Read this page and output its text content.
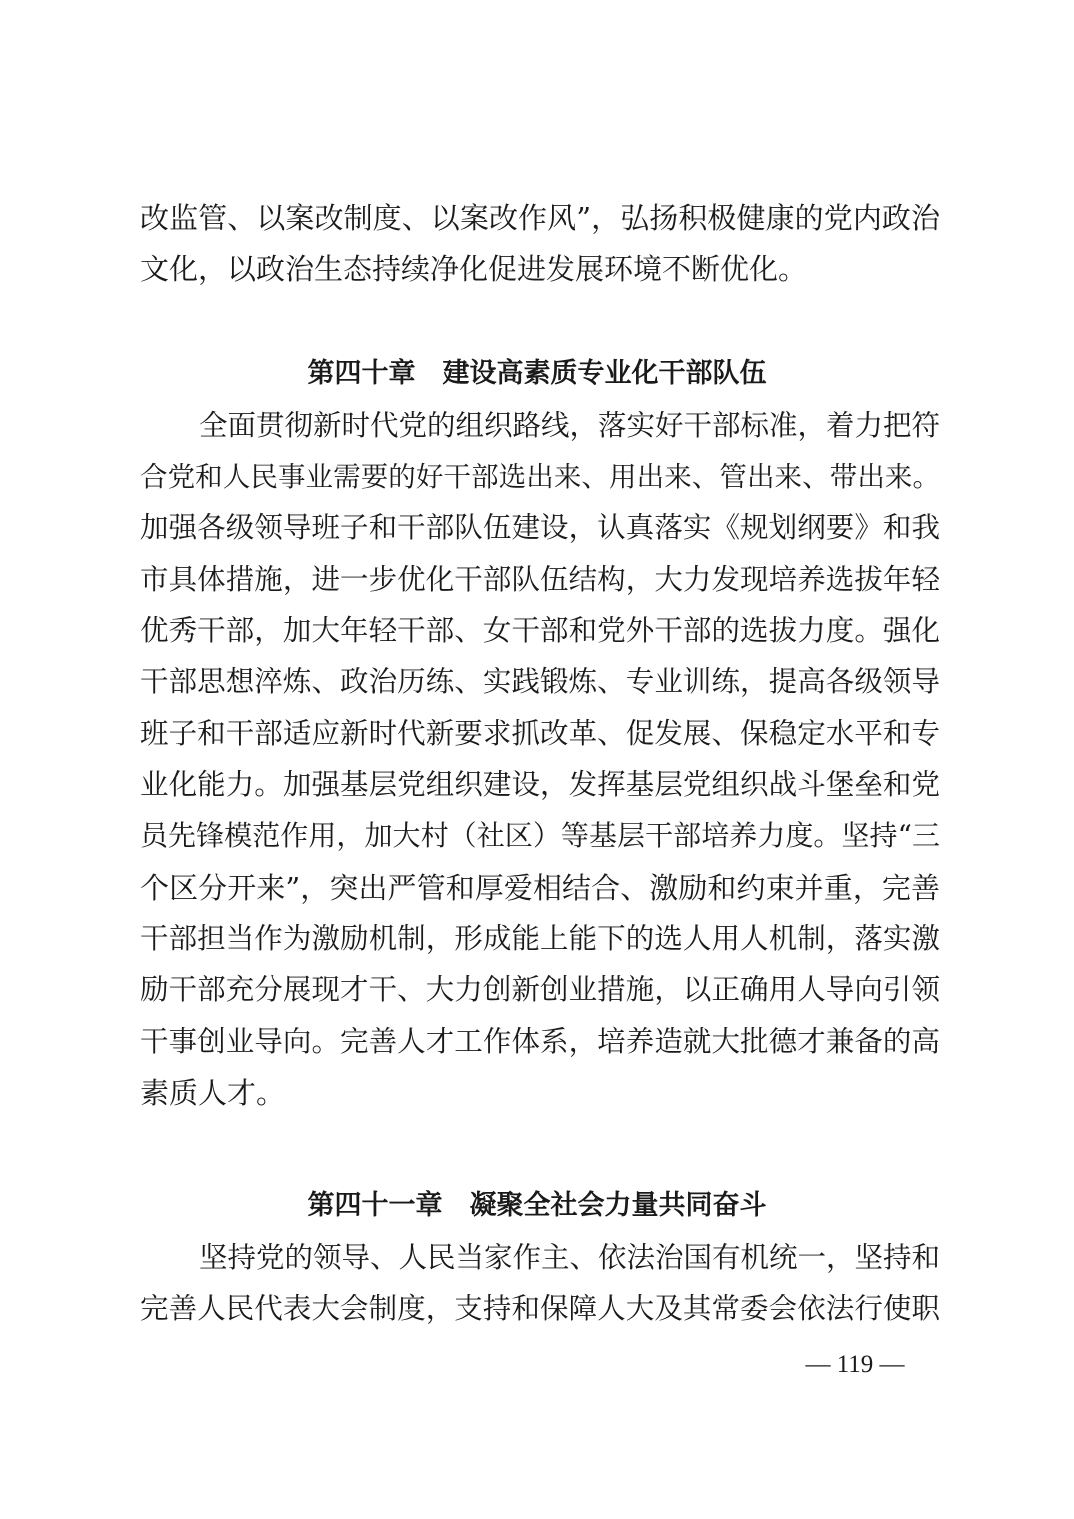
改监管、以案改制度、以案改作风”，弘扬积极健康的党内政治

文化，以政治生态持续净化促进发展环境不断优化。

第四十章　建设高素质专业化干部队伍

全面贯彻新时代党的组织路线，落实好干部标准，着力把符

合党和人民事业需要的好干部选出来、用出来、管出来、带出来。

加强各级领导班子和干部队伍建设，认真落实《规划纲要》和我

市具体措施，进一步优化干部队伍结构，大力发现培养选拔年轻

优秀干部，加大年轻干部、女干部和党外干部的选拔力度。强化

干部思想淬炼、政治历练、实践锻炼、专业训练，提高各级领导

班子和干部适应新时代新要求抓改革、促发展、保稳定水平和专

业化能力。加强基层党组织建设，发挥基层党组织战斗堡垒和党

员先锋模范作用，加大村（社区）等基层干部培养力度。坚持“三

个区分开来”，突出严管和厚爱相结合、激励和约束并重，完善

干部担当作为激励机制，形成能上能下的选人用人机制，落实激

励干部充分展现才干、大力创新创业措施，以正确用人导向引领

干事创业导向。完善人才工作体系，培养造就大批德才兼备的高

素质人才。

第四十一章　凝聚全社会力量共同奋斗

坚持党的领导、人民当家作主、依法治国有机统一，坚持和

完善人民代表大会制度，支持和保障人大及其常委会依法行使职

— 119 —
